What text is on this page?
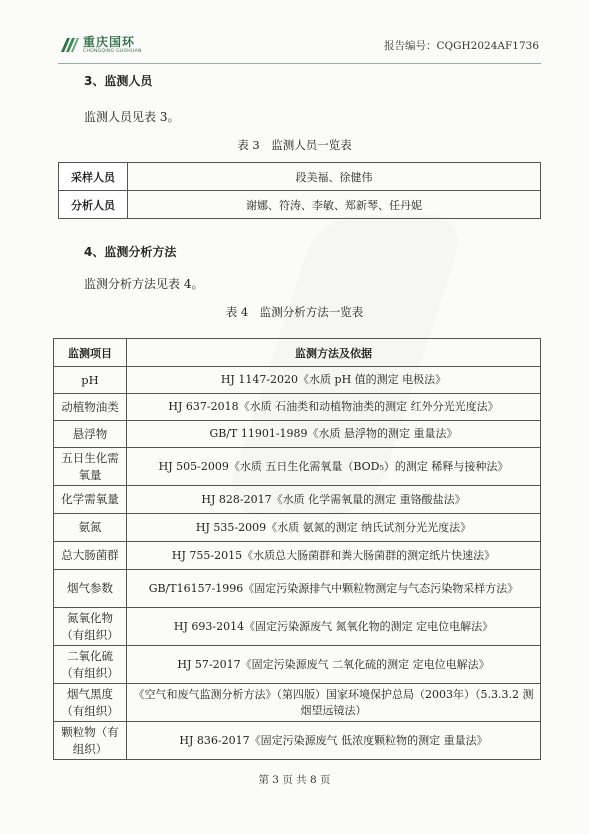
重庆国环
CHONGQING GUOHUAN	报告编号：CQGH2024AF1736
3、监测人员
监测人员见表 3。
表 3　监测人员一览表
采样人员	段美福、徐健伟
分析人员	谢娜、符涛、李敏、郑新琴、任丹妮
4、监测分析方法
监测分析方法见表 4。
表 4　监测分析方法一览表
监测项目	监测方法及依据
pH	HJ 1147-2020《水质 pH 值的测定 电极法》
动植物油类	HJ 637-2018《水质 石油类和动植物油类的测定 红外分光光度法》
悬浮物	GB/T 11901-1989《水质 悬浮物的测定 重量法》
五日生化需氧量	HJ 505-2009《水质 五日生化需氧量（BOD₅）的测定 稀释与接种法》
化学需氧量	HJ 828-2017《水质 化学需氧量的测定 重铬酸盐法》
氨氮	HJ 535-2009《水质 氨氮的测定 纳氏试剂分光光度法》
总大肠菌群	HJ 755-2015《水质总大肠菌群和粪大肠菌群的测定纸片快速法》
烟气参数	GB/T16157-1996《固定污染源排气中颗粒物测定与气态污染物采样方法》
氮氧化物（有组织）	HJ 693-2014《固定污染源废气 氮氧化物的测定 定电位电解法》
二氧化硫（有组织）	HJ 57-2017《固定污染源废气 二氧化硫的测定 定电位电解法》
烟气黑度（有组织）	《空气和废气监测分析方法》（第四版）国家环境保护总局（2003年）（5.3.3.2 测烟望远镜法）
颗粒物（有组织）	HJ 836-2017《固定污染源废气 低浓度颗粒物的测定 重量法》
第 3 页 共 8 页
